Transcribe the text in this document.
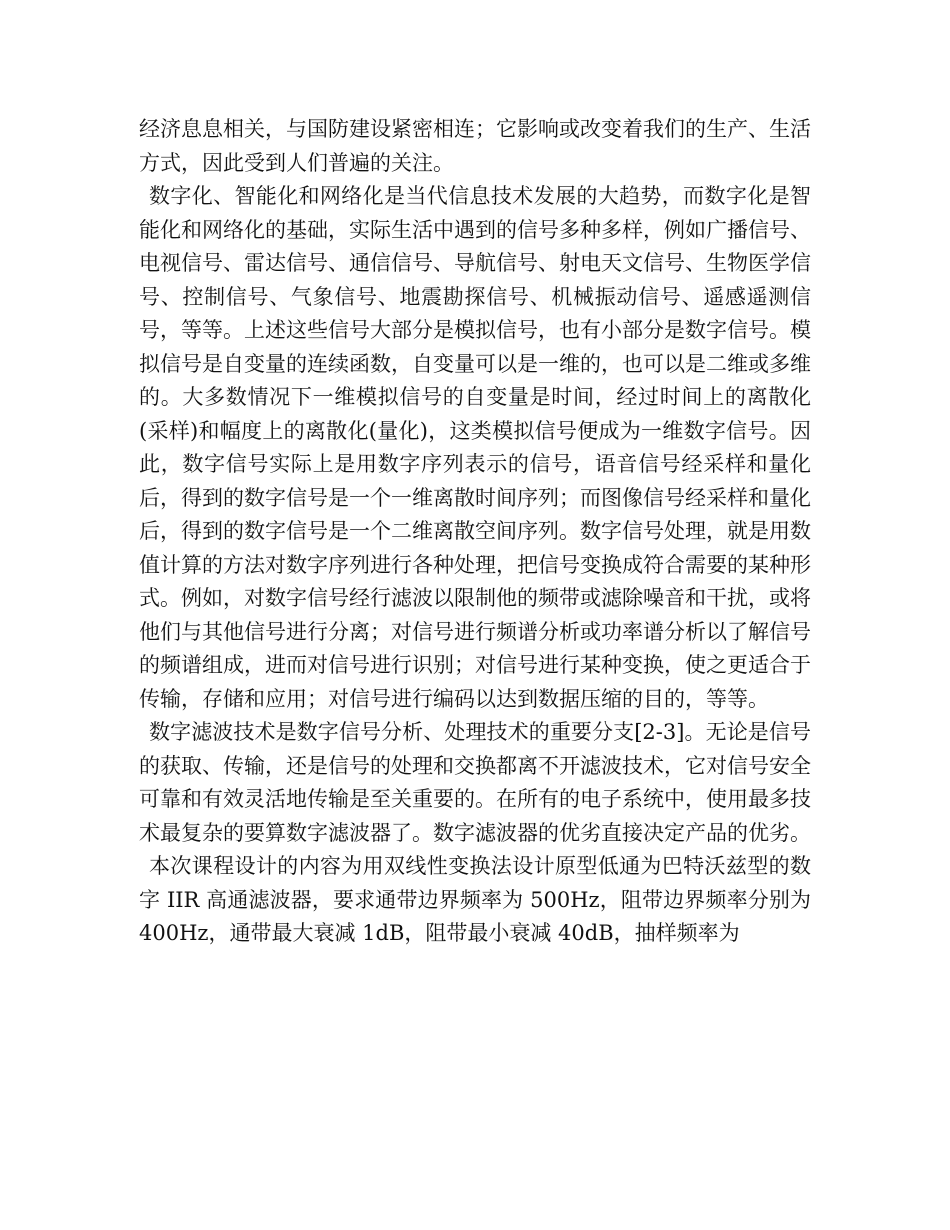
经济息息相关，与国防建设紧密相连；它影响或改变着我们的生产、生活方式，因此受到人们普遍的关注。

数字化、智能化和网络化是当代信息技术发展的大趋势，而数字化是智能化和网络化的基础，实际生活中遇到的信号多种多样，例如广播信号、电视信号、雷达信号、通信信号、导航信号、射电天文信号、生物医学信号、控制信号、气象信号、地震勘探信号、机械振动信号、遥感遥测信号，等等。上述这些信号大部分是模拟信号，也有小部分是数字信号。模拟信号是自变量的连续函数，自变量可以是一维的，也可以是二维或多维的。大多数情况下一维模拟信号的自变量是时间，经过时间上的离散化(采样)和幅度上的离散化(量化)，这类模拟信号便成为一维数字信号。因此，数字信号实际上是用数字序列表示的信号，语音信号经采样和量化后，得到的数字信号是一个一维离散时间序列；而图像信号经采样和量化后，得到的数字信号是一个二维离散空间序列。数字信号处理，就是用数值计算的方法对数字序列进行各种处理，把信号变换成符合需要的某种形式。例如，对数字信号经行滤波以限制他的频带或滤除噪音和干扰，或将他们与其他信号进行分离；对信号进行频谱分析或功率谱分析以了解信号的频谱组成，进而对信号进行识别；对信号进行某种变换，使之更适合于传输，存储和应用；对信号进行编码以达到数据压缩的目的，等等。

数字滤波技术是数字信号分析、处理技术的重要分支[2-3]。无论是信号的获取、传输，还是信号的处理和交换都离不开滤波技术，它对信号安全可靠和有效灵活地传输是至关重要的。在所有的电子系统中，使用最多技术最复杂的要算数字滤波器了。数字滤波器的优劣直接决定产品的优劣。

本次课程设计的内容为用双线性变换法设计原型低通为巴特沃兹型的数字 IIR 高通滤波器，要求通带边界频率为 500Hz，阻带边界频率分别为 400Hz，通带最大衰减 1dB，阻带最小衰减 40dB，抽样频率为
